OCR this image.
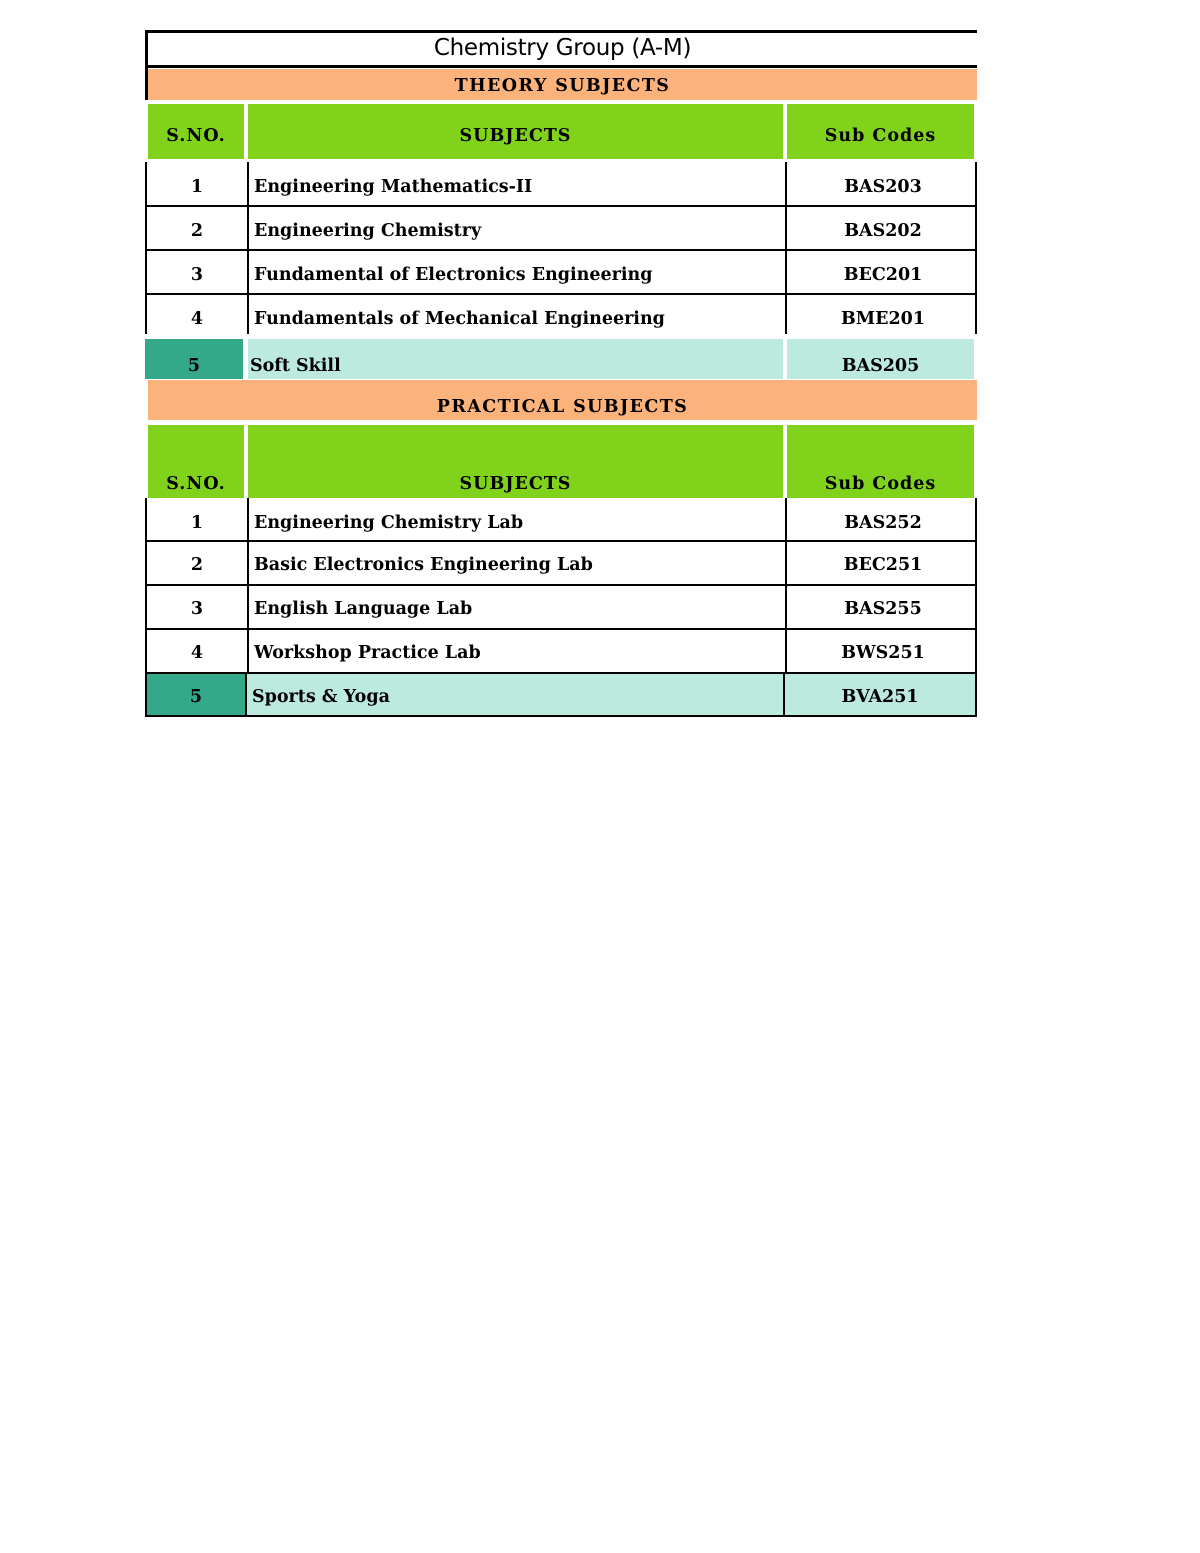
Chemistry Group (A-M)
THEORY SUBJECTS
S.NO.	SUBJECTS	Sub Codes
1	Engineering Mathematics-II	BAS203
2	Engineering Chemistry	BAS202
3	Fundamental of Electronics Engineering	BEC201
4	Fundamentals of Mechanical Engineering	BME201
5	Soft Skill	BAS205
PRACTICAL SUBJECTS
S.NO.	SUBJECTS	Sub Codes
1	Engineering Chemistry Lab	BAS252
2	Basic Electronics Engineering Lab	BEC251
3	English Language Lab	BAS255
4	Workshop Practice Lab	BWS251
5	Sports & Yoga	BVA251
